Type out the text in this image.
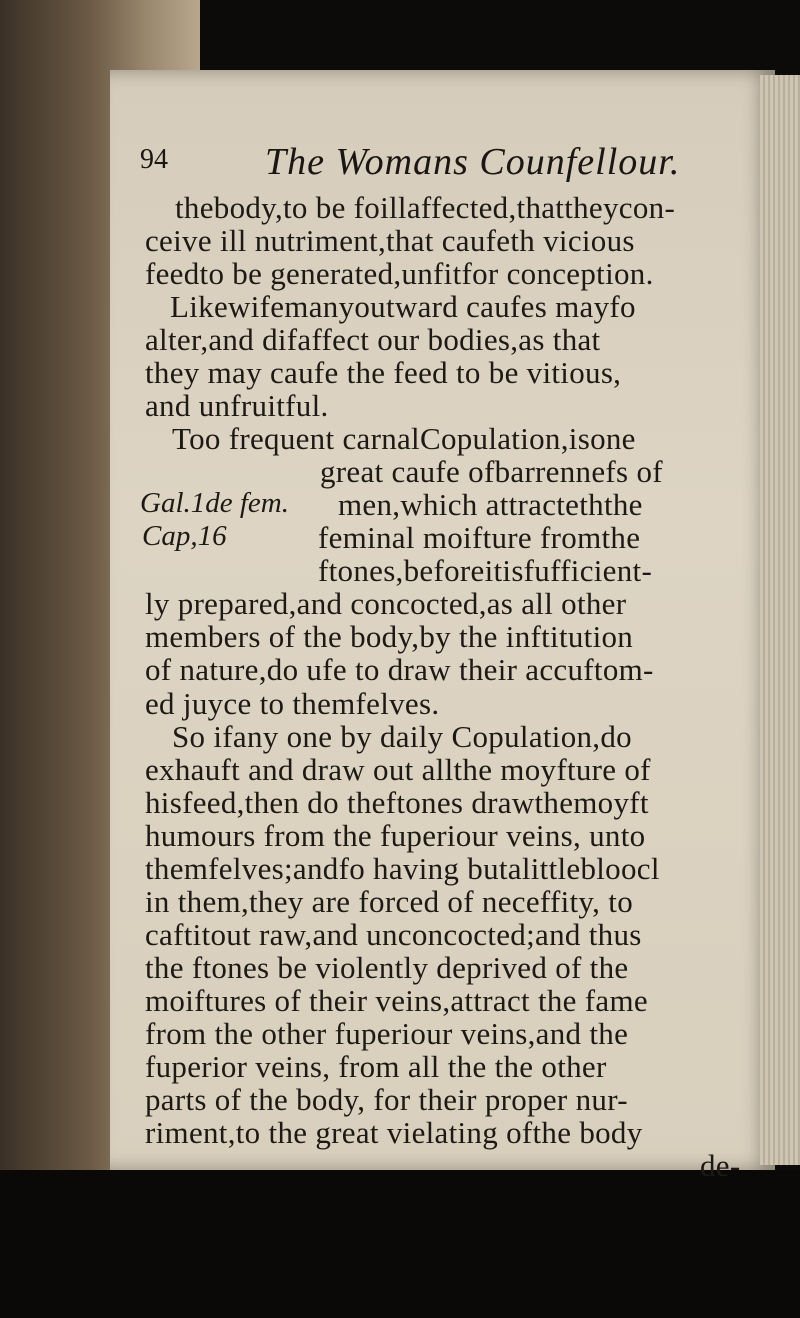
94	The Womans Counfellour.
Gal.1de fem.
Cap,16
thebody,to be foillaffected,thattheycon-
ceive ill nutriment,that caufeth vicious
feedto be generated,unfitfor conception.
Likewifemanyoutward caufes mayfo
alter,and difaffect our bodies,as that
they may caufe the feed to be vitious,
and unfruitful.
Too frequent carnalCopulation,isone
great caufe ofbarrennefs of
men,which attracteththe
feminal moifture fromthe
ftones,beforeitisfufficient-
ly prepared,and concocted,as all other
members of the body,by the inftitution
of nature,do ufe to draw their accuftom-
ed juyce to themfelves.
So ifany one by daily Copulation,do
exhauft and draw out allthe moyfture of
hisfeed,then do theftones drawthemoyft
humours from the fuperiour veins, unto
themfelves;andfo having butalittlebloocl
in them,they are forced of neceffity, to
caftitout raw,and unconcocted;and thus
the ftones be violently deprived of the
moiftures of their veins,attract the fame
from the other fuperiour veins,and the
fuperior veins, from all the the other
parts of the body, for their proper nur-
riment,to the great vielating ofthe body
de-
